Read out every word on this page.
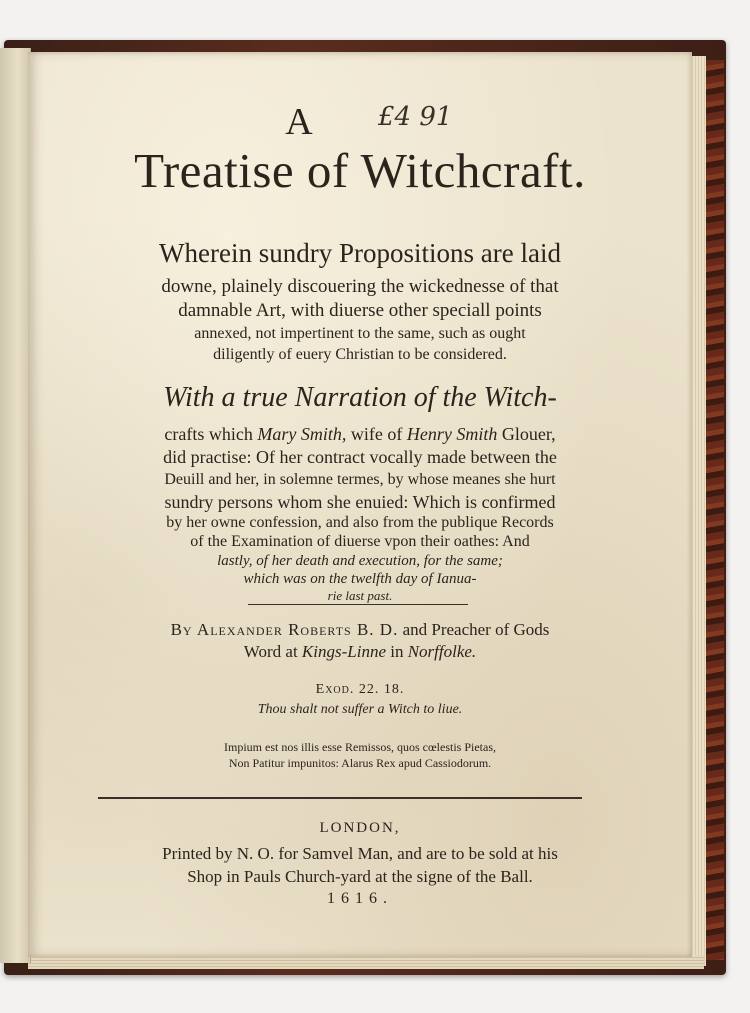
A	£4 91
Treatise of Witchcraft.
Wherein sundry Propositions are laid
downe, plainely discouering the wickednesse of that
damnable Art, with diuerse other speciall points
annexed, not impertinent to the same, such as ought
diligently of euery Christian to be considered.
With a true Narration of the Witch-
crafts which Mary Smith, wife of Henry Smith Glouer,
did practise: Of her contract vocally made between the
Deuill and her, in solemne termes, by whose meanes she hurt
sundry persons whom she enuied: Which is confirmed
by her owne confession, and also from the publique Records
of the Examination of diuerse vpon their oathes: And
lastly, of her death and execution, for the same;
which was on the twelfth day of Ianua-
rie last past.
By Alexander Roberts B. D. and Preacher of Gods
Word at Kings-Linne in Norffolke.
Exod. 22. 18.
Thou shalt not suffer a Witch to liue.
Impium est nos illis esse Remissos, quos cœlestis Pietas,
Non Patitur impunitos: Alarus Rex apud Cassiodorum.
LONDON,
Printed by N. O. for Samvel Man, and are to be sold at his
Shop in Pauls Church-yard at the signe of the Ball.
1616.
